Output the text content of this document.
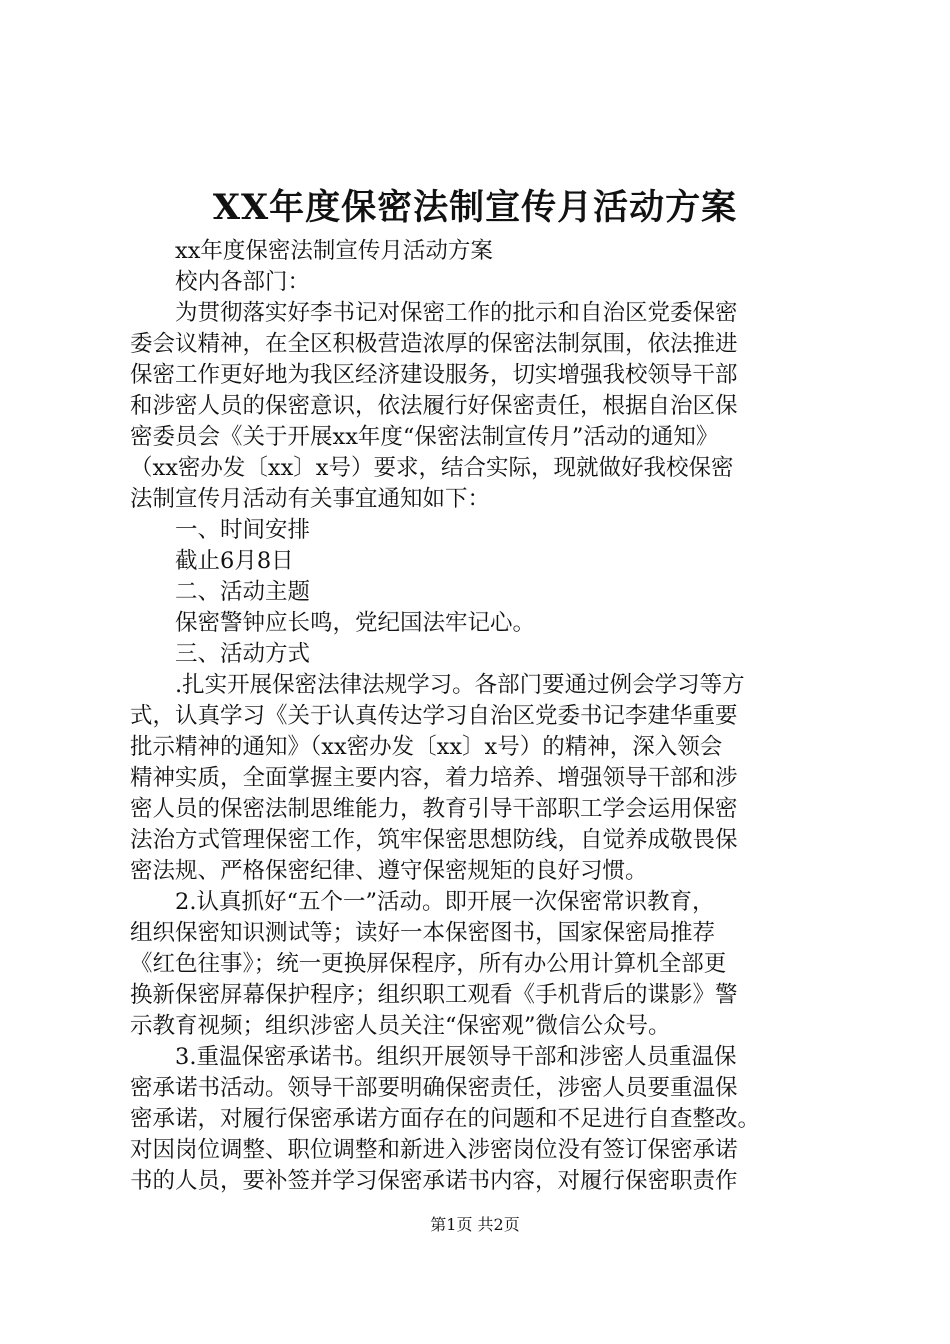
XX年度保密法制宣传月活动方案
xx年度保密法制宣传月活动方案
校内各部门：
为贯彻落实好李书记对保密工作的批示和自治区党委保密
委会议精神，在全区积极营造浓厚的保密法制氛围，依法推进
保密工作更好地为我区经济建设服务，切实增强我校领导干部
和涉密人员的保密意识，依法履行好保密责任，根据自治区保
密委员会《关于开展xx年度“保密法制宣传月”活动的通知》
（xx密办发〔xx〕x号）要求，结合实际，现就做好我校保密
法制宣传月活动有关事宜通知如下：
一、时间安排
截止6月8日
二、活动主题
保密警钟应长鸣，党纪国法牢记心。
三、活动方式
.扎实开展保密法律法规学习。各部门要通过例会学习等方
式，认真学习《关于认真传达学习自治区党委书记李建华重要
批示精神的通知》（xx密办发〔xx〕x号）的精神，深入领会
精神实质，全面掌握主要内容，着力培养、增强领导干部和涉
密人员的保密法制思维能力，教育引导干部职工学会运用保密
法治方式管理保密工作，筑牢保密思想防线，自觉养成敬畏保
密法规、严格保密纪律、遵守保密规矩的良好习惯。
2.认真抓好“五个一”活动。即开展一次保密常识教育，
组织保密知识测试等；读好一本保密图书，国家保密局推荐
《红色往事》；统一更换屏保程序，所有办公用计算机全部更
换新保密屏幕保护程序；组织职工观看《手机背后的谍影》警
示教育视频；组织涉密人员关注“保密观”微信公众号。
3.重温保密承诺书。组织开展领导干部和涉密人员重温保
密承诺书活动。领导干部要明确保密责任，涉密人员要重温保
密承诺，对履行保密承诺方面存在的问题和不足进行自查整改。
对因岗位调整、职位调整和新进入涉密岗位没有签订保密承诺
书的人员，要补签并学习保密承诺书内容，对履行保密职责作
第1页 共2页
